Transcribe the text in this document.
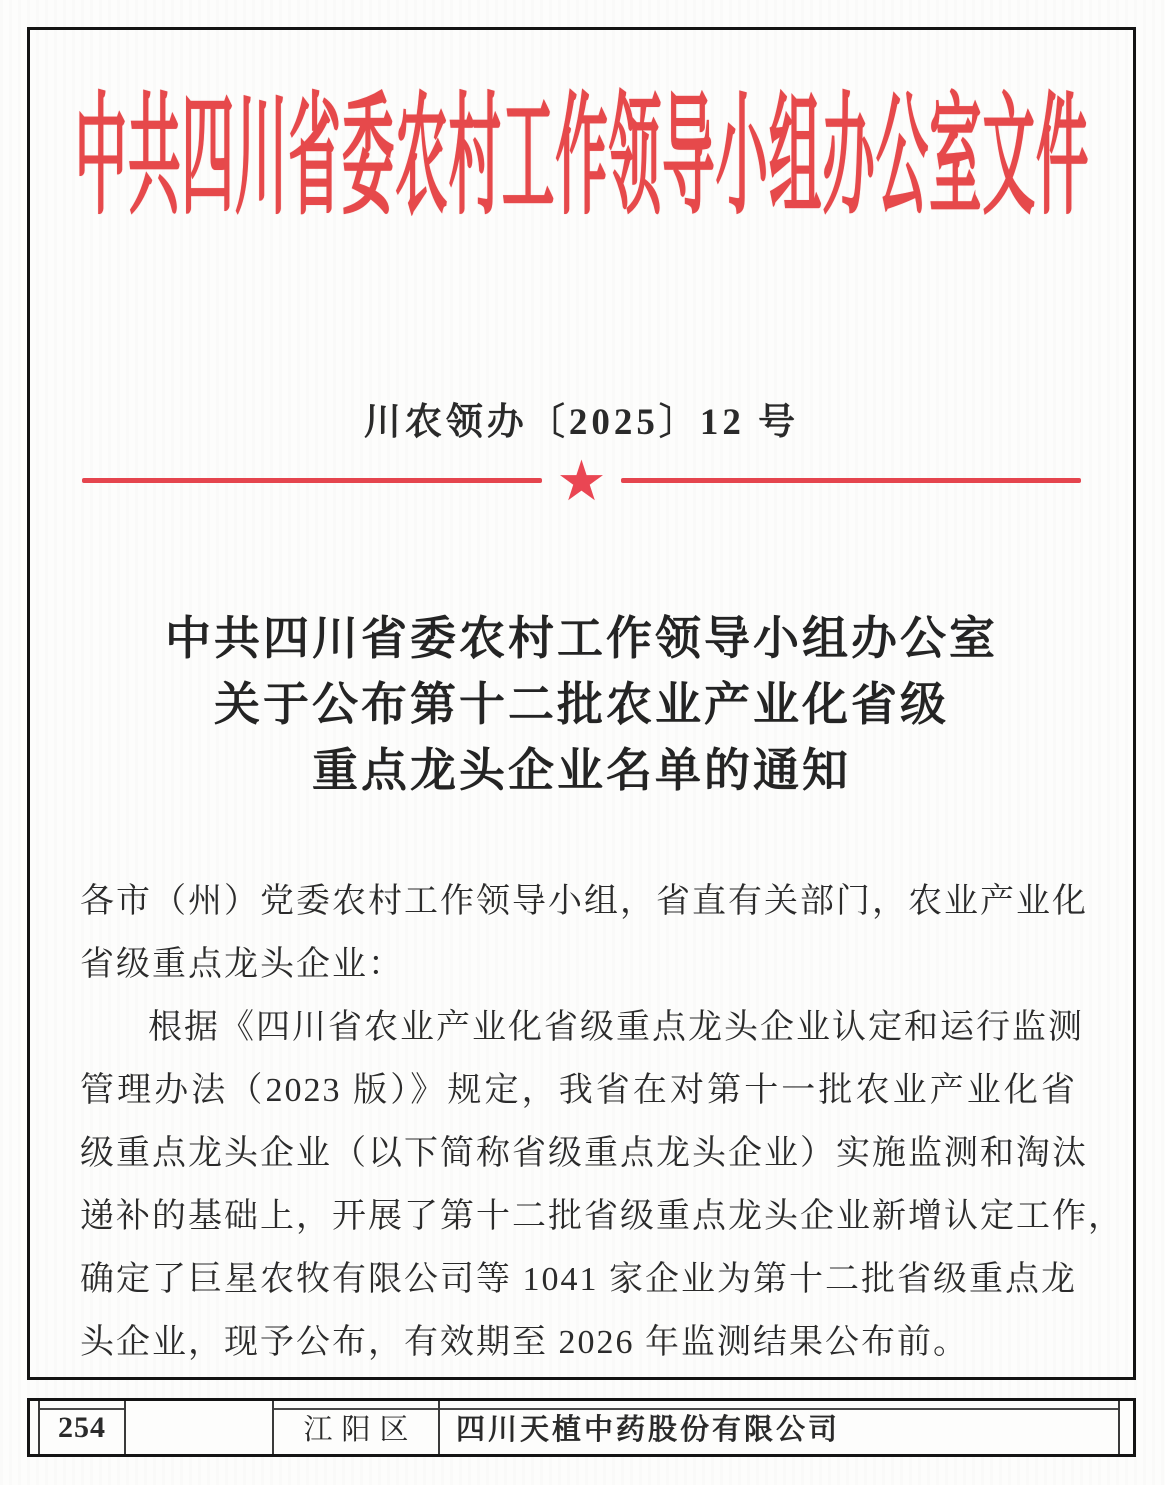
中共四川省委农村工作领导小组办公室文件
川农领办〔2025〕12 号
★
中共四川省委农村工作领导小组办公室
关于公布第十二批农业产业化省级
重点龙头企业名单的通知
各市（州）党委农村工作领导小组，省直有关部门，农业产业化
省级重点龙头企业：
根据《四川省农业产业化省级重点龙头企业认定和运行监测
管理办法（2023 版）》规定，我省在对第十一批农业产业化省
级重点龙头企业（以下简称省级重点龙头企业）实施监测和淘汰
递补的基础上，开展了第十二批省级重点龙头企业新增认定工作，
确定了巨星农牧有限公司等 1041 家企业为第十二批省级重点龙
头企业，现予公布，有效期至 2026 年监测结果公布前。
254	江阳区	四川天植中药股份有限公司
